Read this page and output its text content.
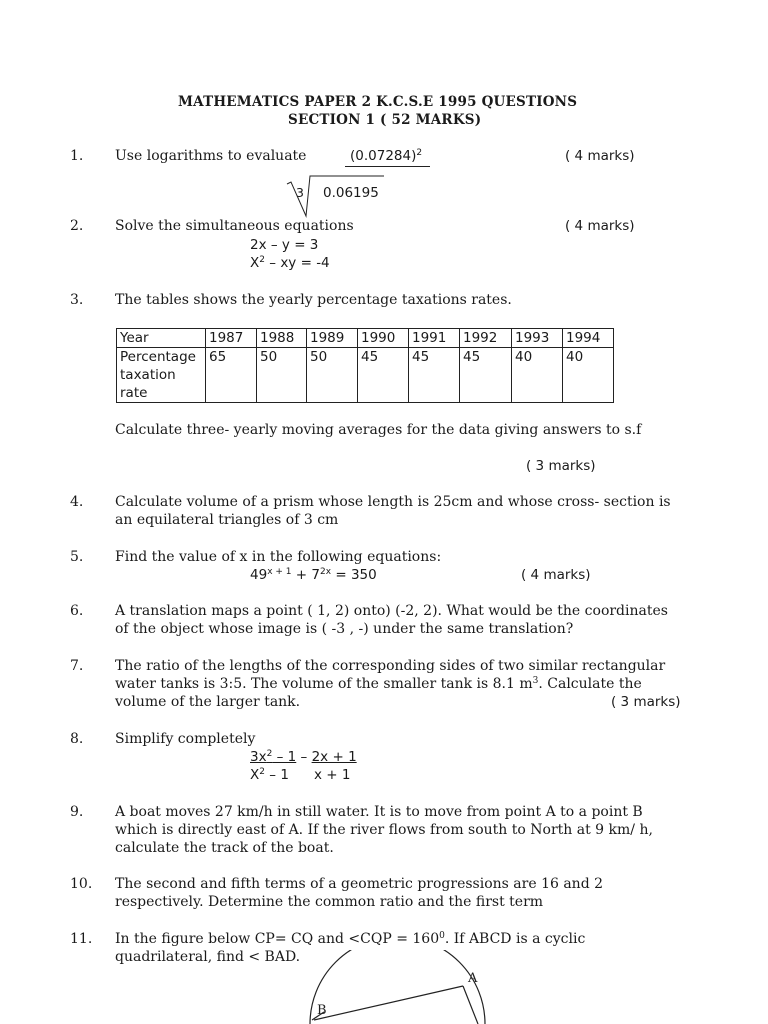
MATHEMATICS PAPER 2 K.C.S.E 1995 QUESTIONS
SECTION 1 ( 52 MARKS)
1. Use logarithms to evaluate	$(0.07284)^2$	( 4 marks)
3 0.06195
2. Solve the simultaneous equations	( 4 marks)
2x – y = 3
$X^2$ – xy = -4
3. The tables shows the yearly percentage taxations rates.
Year	1987	1988	1989	1990	1991	1992	1993	1994

Percentage
taxation
rate	65	50	50	45	45	45	40	40
Calculate three- yearly moving averages for the data giving answers to s.f
( 3 marks)
4. Calculate volume of a prism whose length is 25cm and whose cross- section is
an equilateral triangles of 3 cm
5. Find the value of x in the following equations:
$49^{x + 1} + 7^{2x} = 350$	( 4 marks)
6. A translation maps a point ( 1, 2) onto) (-2, 2). What would be the coordinates
of the object whose image is ( -3 , -) under the same translation?
7. The ratio of the lengths of the corresponding sides of two similar rectangular
water tanks is 3:5. The volume of the smaller tank is 8.1 $m^3$. Calculate the
volume of the larger tank.	( 3 marks)
8. Simplify completely
$3x^2 - 1 - 2x + 1$
$X^2 - 1$ x + 1
9. A boat moves 27 km/h in still water. It is to move from point A to a point B
which is directly east of A. If the river flows from south to North at 9 km/ h,
calculate the track of the boat.
10. The second and fifth terms of a geometric progressions are 16 and 2
respectively. Determine the common ratio and the first term
11. In the figure below CP= CQ and $<CQP = 160^0$. If ABCD is a cyclic
quadrilateral, find < BAD.
A
B
